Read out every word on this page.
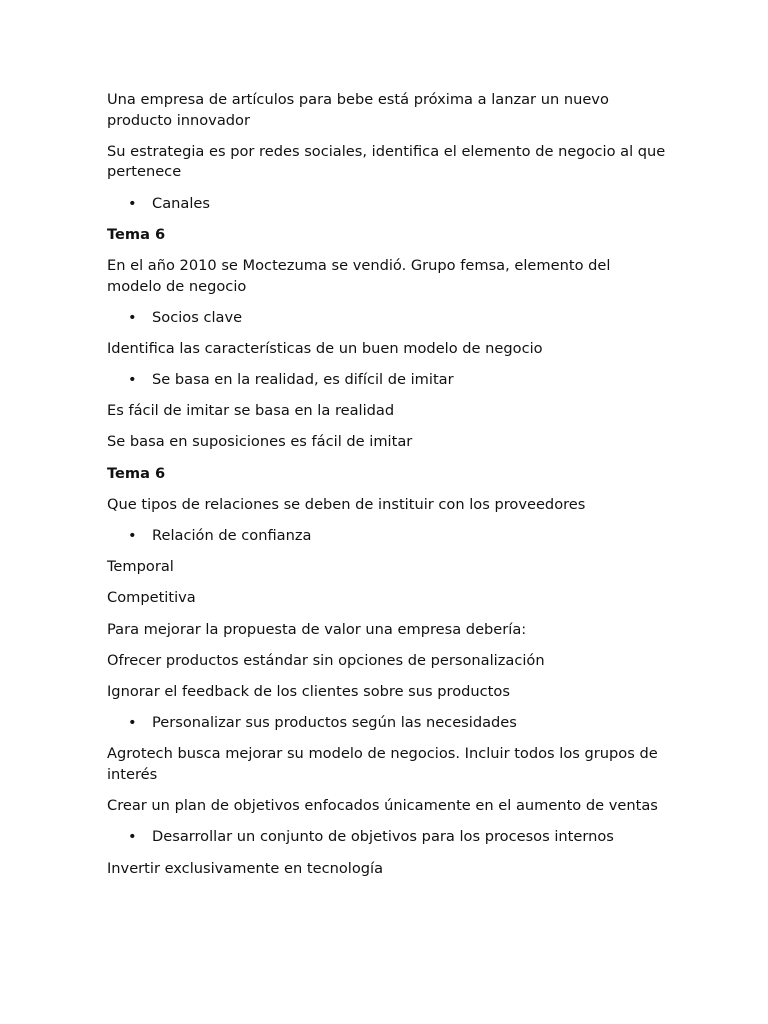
Una empresa de artículos para bebe está próxima a lanzar un nuevo producto innovador

Su estrategia es por redes sociales, identifica el elemento de negocio al que pertenece

• Canales

Tema 6

En el año 2010 se Moctezuma se vendió. Grupo femsa, elemento del modelo de negocio

• Socios clave

Identifica las características de un buen modelo de negocio

• Se basa en la realidad, es difícil de imitar

Es fácil de imitar se basa en la realidad

Se basa en suposiciones es fácil de imitar

Tema 6

Que tipos de relaciones se deben de instituir con los proveedores

• Relación de confianza

Temporal

Competitiva

Para mejorar la propuesta de valor una empresa debería:

Ofrecer productos estándar sin opciones de personalización

Ignorar el feedback de los clientes sobre sus productos

• Personalizar sus productos según las necesidades

Agrotech busca mejorar su modelo de negocios. Incluir todos los grupos de interés

Crear un plan de objetivos enfocados únicamente en el aumento de ventas

• Desarrollar un conjunto de objetivos para los procesos internos

Invertir exclusivamente en tecnología
